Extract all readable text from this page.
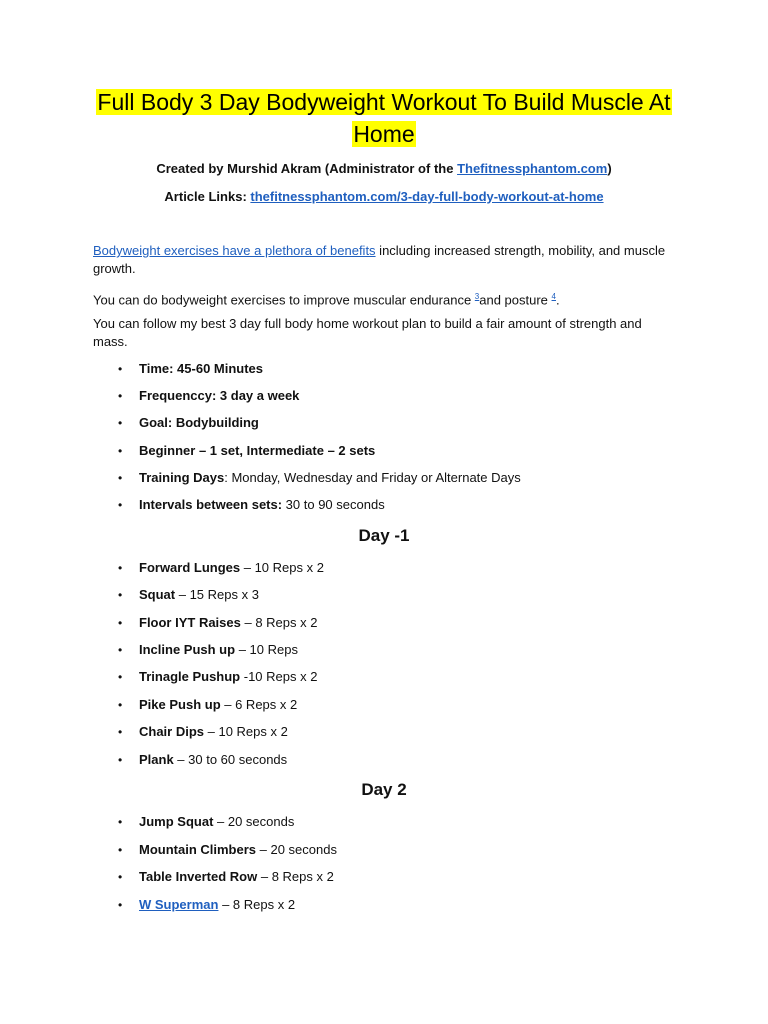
Full Body 3 Day Bodyweight Workout To Build Muscle At
Home
Created by Murshid Akram (Administrator of the Thefitnessphantom.com)
Article Links: thefitnessphantom.com/3-day-full-body-workout-at-home
Bodyweight exercises have a plethora of benefits including increased strength, mobility, and muscle
growth.
You can do bodyweight exercises to improve muscular endurance $^3$and posture $^4$.
You can follow my best 3 day full body home workout plan to build a fair amount of strength and
mass.
•	Time: 45-60 Minutes
•	Frequenccy: 3 day a week
•	Goal: Bodybuilding
•	Beginner – 1 set, Intermediate – 2 sets
•	Training Days: Monday, Wednesday and Friday or Alternate Days
•	Intervals between sets: 30 to 90 seconds
Day -1
•	Forward Lunges – 10 Reps x 2
•	Squat – 15 Reps x 3
•	Floor IYT Raises – 8 Reps x 2
•	Incline Push up – 10 Reps
•	Trinagle Pushup -10 Reps x 2
•	Pike Push up – 6 Reps x 2
•	Chair Dips – 10 Reps x 2
•	Plank – 30 to 60 seconds
Day 2
•	Jump Squat – 20 seconds
•	Mountain Climbers – 20 seconds
•	Table Inverted Row – 8 Reps x 2
•	W Superman – 8 Reps x 2
